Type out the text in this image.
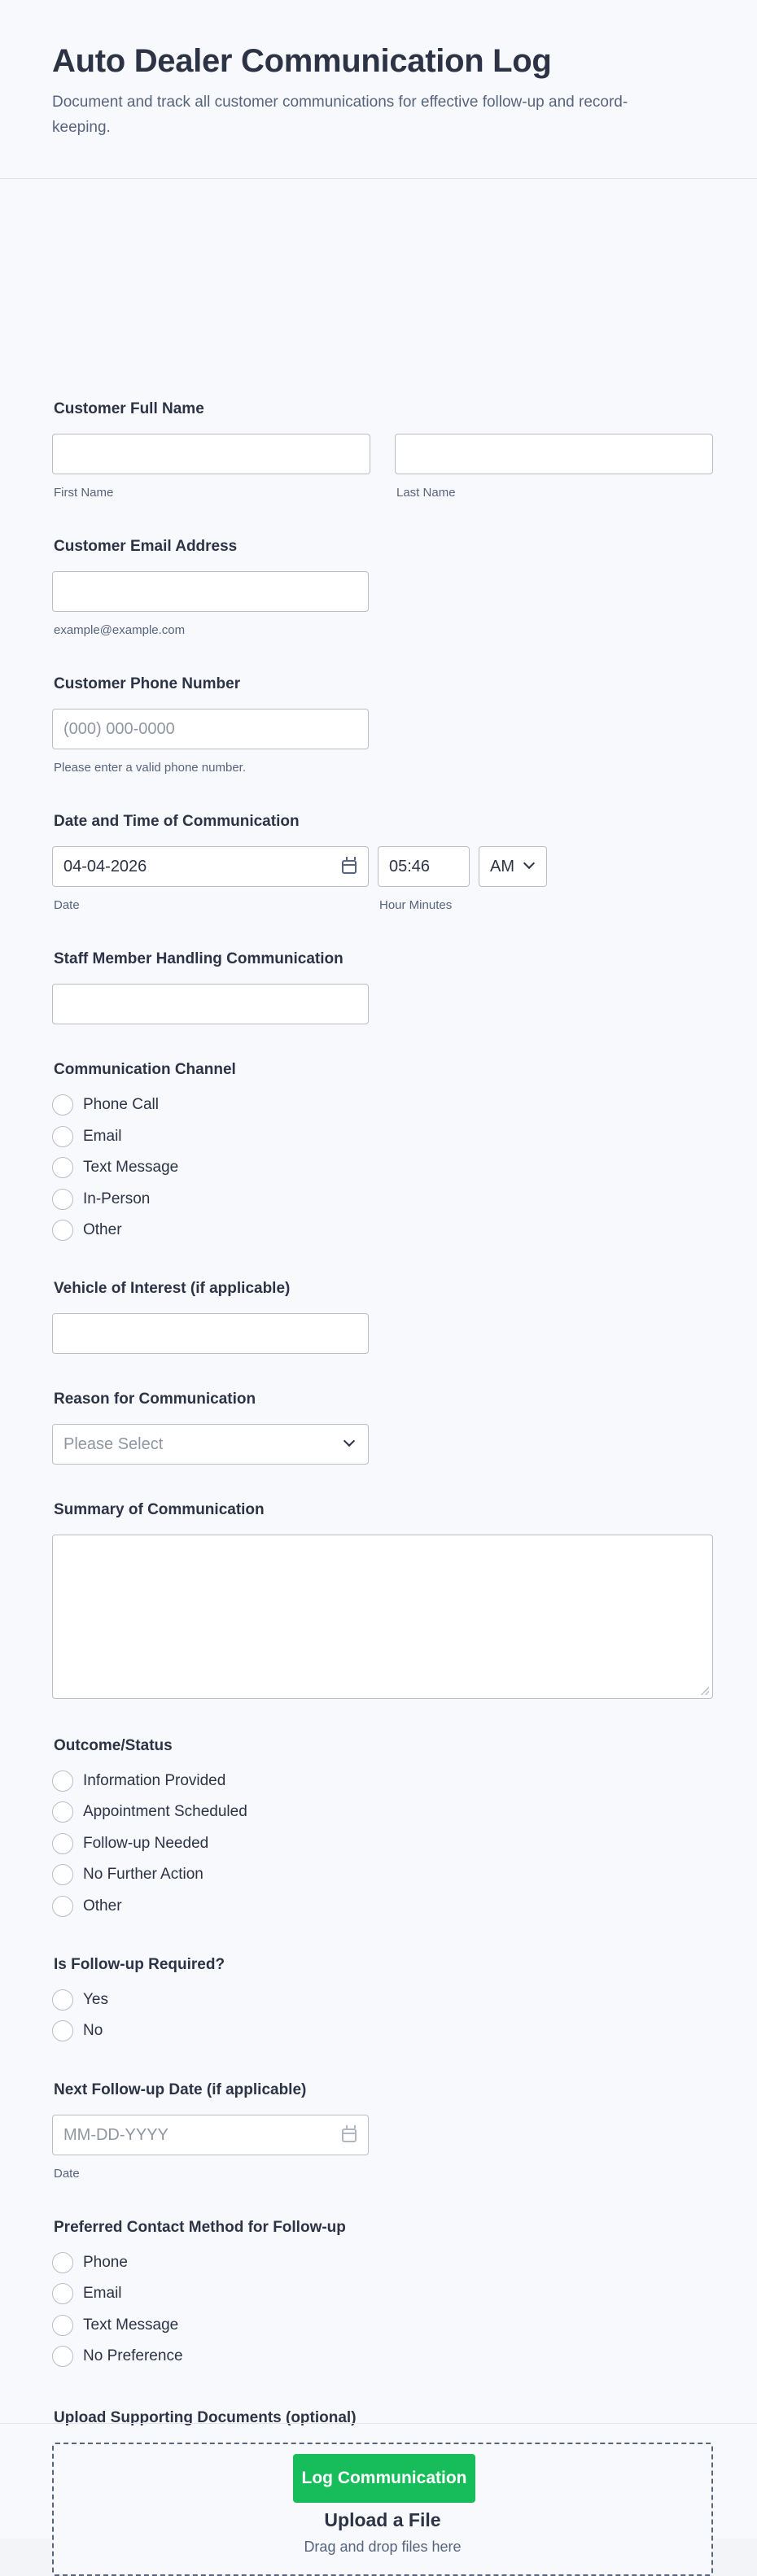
Auto Dealer Communication Log

Document and track all customer communications for effective follow-up and record-keeping.

Customer Full Name
First Name	Last Name
Customer Email Address
example@example.com
Customer Phone Number
(000) 000-0000
Please enter a valid phone number.
Date and Time of Communication
04-04-2026	05:46	AM
Date	Hour Minutes
Staff Member Handling Communication
Communication Channel
Phone Call
Email
Text Message
In-Person
Other
Vehicle of Interest (if applicable)
Reason for Communication
Please Select
Summary of Communication
Outcome/Status
Information Provided
Appointment Scheduled
Follow-up Needed
No Further Action
Other
Is Follow-up Required?
Yes
No
Next Follow-up Date (if applicable)
MM-DD-YYYY
Date
Preferred Contact Method for Follow-up
Phone
Email
Text Message
No Preference
Upload Supporting Documents (optional)
Upload a File
Drag and drop files here
Log Communication
